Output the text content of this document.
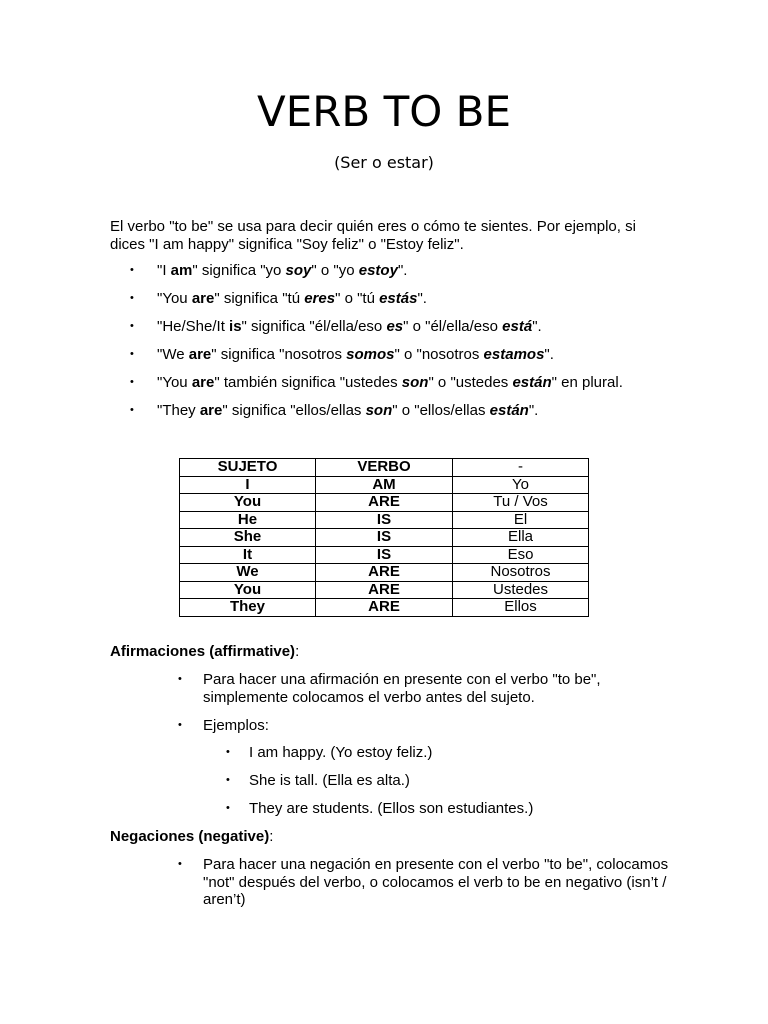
VERB TO BE
(Ser o estar)
El verbo "to be" se usa para decir quién eres o cómo te sientes. Por ejemplo, si dices "I am happy" significa "Soy feliz" o "Estoy feliz".
• "I am" significa "yo soy" o "yo estoy".
• "You are" significa "tú eres" o "tú estás".
• "He/She/It is" significa "él/ella/eso es" o "él/ella/eso está".
• "We are" significa "nosotros somos" o "nosotros estamos".
• "You are" también significa "ustedes son" o "ustedes están" en plural.
• "They are" significa "ellos/ellas son" o "ellos/ellas están".
SUJETO	VERBO	-
I	AM	Yo
You	ARE	Tu / Vos
He	IS	El
She	IS	Ella
It	IS	Eso
We	ARE	Nosotros
You	ARE	Ustedes
They	ARE	Ellos
Afirmaciones (affirmative):
• Para hacer una afirmación en presente con el verbo "to be", simplemente colocamos el verbo antes del sujeto.
• Ejemplos:
• I am happy. (Yo estoy feliz.)
• She is tall. (Ella es alta.)
• They are students. (Ellos son estudiantes.)
Negaciones (negative):
• Para hacer una negación en presente con el verbo "to be", colocamos "not" después del verbo, o colocamos el verb to be en negativo (isn’t / aren’t)
